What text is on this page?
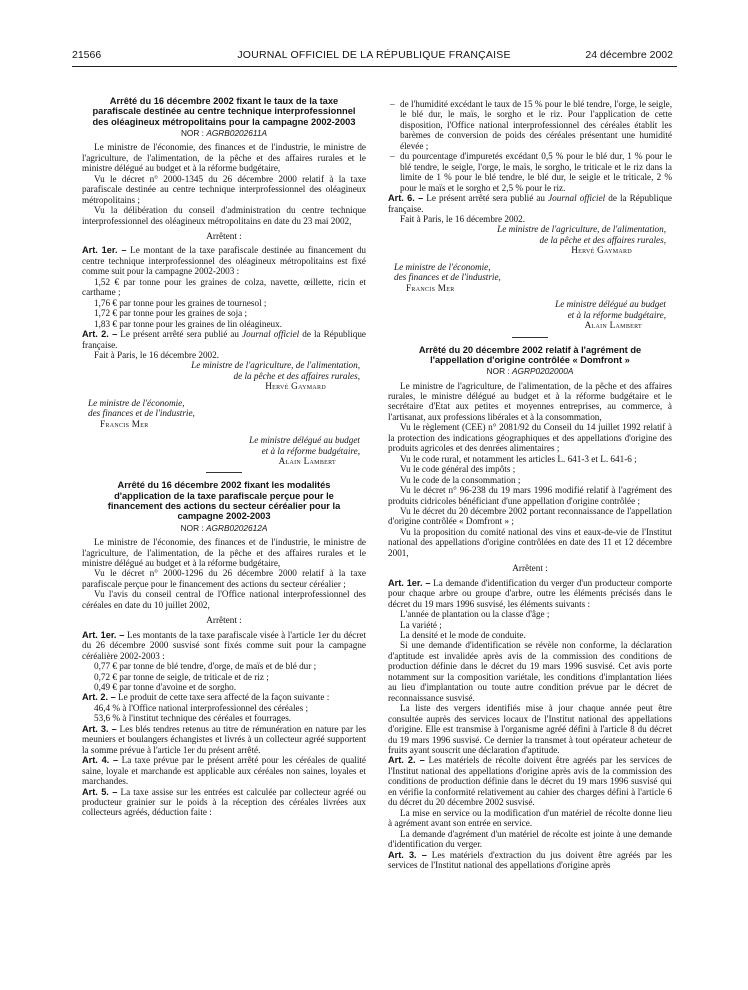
21566	JOURNAL OFFICIEL DE LA RÉPUBLIQUE FRANÇAISE	24 décembre 2002
Arrêté du 16 décembre 2002 fixant le taux de la taxe parafiscale destinée au centre technique interprofessionnel des oléagineux métropolitains pour la campagne 2002-2003
NOR : AGRB0202611A

Le ministre de l'économie, des finances et de l'industrie, le ministre de l'agriculture, de l'alimentation, de la pêche et des affaires rurales et le ministre délégué au budget et à la réforme budgétaire,

Vu le décret n° 2000-1345 du 26 décembre 2000 relatif à la taxe parafiscale destinée au centre technique interprofessionnel des oléagineux métropolitains ;

Vu la délibération du conseil d'administration du centre technique interprofessionnel des oléagineux métropolitains en date du 23 mai 2002,

Arrêtent :

Art. 1er. – Le montant de la taxe parafiscale destinée au financement du centre technique interprofessionnel des oléagineux métropolitains est fixé comme suit pour la campagne 2002-2003 :

1,52 € par tonne pour les graines de colza, navette, œillette, ricin et carthame ;

1,76 € par tonne pour les graines de tournesol ;

1,72 € par tonne pour les graines de soja ;

1,83 € par tonne pour les graines de lin oléagineux.

Art. 2. – Le présent arrêté sera publié au Journal officiel de la République française.

Fait à Paris, le 16 décembre 2002.

Le ministre de l'agriculture, de l'alimentation,
de la pêche et des affaires rurales,
Hervé Gaymard
Le ministre de l'économie,
des finances et de l'industrie,
Francis Mer
Le ministre délégué au budget
et à la réforme budgétaire,
Alain Lambert
Arrêté du 16 décembre 2002 fixant les modalités d'application de la taxe parafiscale perçue pour le financement des actions du secteur céréalier pour la campagne 2002-2003
NOR : AGRB0202612A

Le ministre de l'économie, des finances et de l'industrie, le ministre de l'agriculture, de l'alimentation, de la pêche et des affaires rurales et le ministre délégué au budget et à la réforme budgétaire,

Vu le décret n° 2000-1296 du 26 décembre 2000 relatif à la taxe parafiscale perçue pour le financement des actions du secteur céréalier ;

Vu l'avis du conseil central de l'Office national interprofessionnel des céréales en date du 10 juillet 2002,

Arrêtent :

Art. 1er. – Les montants de la taxe parafiscale visée à l'article 1er du décret du 26 décembre 2000 susvisé sont fixés comme suit pour la campagne céréalière 2002-2003 :

0,77 € par tonne de blé tendre, d'orge, de maïs et de blé dur ;

0,72 € par tonne de seigle, de triticale et de riz ;

0,49 € par tonne d'avoine et de sorgho.

Art. 2. – Le produit de cette taxe sera affecté de la façon suivante :

46,4 % à l'Office national interprofessionnel des céréales ;

53,6 % à l'institut technique des céréales et fourrages.

Art. 3. – Les blés tendres retenus au titre de rémunération en nature par les meuniers et boulangers échangistes et livrés à un collecteur agréé supportent la somme prévue à l'article 1er du présent arrêté.

Art. 4. – La taxe prévue par le présent arrêté pour les céréales de qualité saine, loyale et marchande est applicable aux céréales non saines, loyales et marchandes.

Art. 5. – La taxe assise sur les entrées est calculée par collecteur agréé ou producteur grainier sur le poids à la réception des céréales livrées aux collecteurs agréés, déduction faite :

– de l'humidité excédant le taux de 15 % pour le blé tendre, l'orge, le seigle, le blé dur, le maïs, le sorgho et le riz. Pour l'application de cette disposition, l'Office national interprofessionnel des céréales établit les barèmes de conversion de poids des céréales présentant une humidité élevée ;

– du pourcentage d'impuretés excédant 0,5 % pour le blé dur, 1 % pour le blé tendre, le seigle, l'orge, le maïs, le sorgho, le triticale et le riz dans la limite de 1 % pour le blé tendre, le blé dur, le seigle et le triticale, 2 % pour le maïs et le sorgho et 2,5 % pour le riz.

Art. 6. – Le présent arrêté sera publié au Journal officiel de la République française.

Fait à Paris, le 16 décembre 2002.

Le ministre de l'agriculture, de l'alimentation,
de la pêche et des affaires rurales,
Hervé Gaymard
Le ministre de l'économie,
des finances et de l'industrie,
Francis Mer
Le ministre délégué au budget
et à la réforme budgétaire,
Alain Lambert
Arrêté du 20 décembre 2002 relatif à l'agrément de l'appellation d'origine contrôlée « Domfront »
NOR : AGRP0202000A

Le ministre de l'agriculture, de l'alimentation, de la pêche et des affaires rurales, le ministre délégué au budget et à la réforme budgétaire et le secrétaire d'Etat aux petites et moyennes entreprises, au commerce, à l'artisanat, aux professions libérales et à la consommation,

Vu le règlement (CEE) n° 2081/92 du Conseil du 14 juillet 1992 relatif à la protection des indications géographiques et des appellations d'origine des produits agricoles et des denrées alimentaires ;

Vu le code rural, et notamment les articles L. 641-3 et L. 641-6 ;

Vu le code général des impôts ;

Vu le code de la consommation ;

Vu le décret n° 96-238 du 19 mars 1996 modifié relatif à l'agrément des produits cidricoles bénéficiant d'une appellation d'origine contrôlée ;

Vu le décret du 20 décembre 2002 portant reconnaissance de l'appellation d'origine contrôlée « Domfront » ;

Vu la proposition du comité national des vins et eaux-de-vie de l'Institut national des appellations d'origine contrôlées en date des 11 et 12 décembre 2001,

Arrêtent :

Art. 1er. – La demande d'identification du verger d'un producteur comporte pour chaque arbre ou groupe d'arbre, outre les éléments précisés dans le décret du 19 mars 1996 susvisé, les éléments suivants :

L'année de plantation ou la classe d'âge ;

La variété ;

La densité et le mode de conduite.

Si une demande d'identification se révèle non conforme, la déclaration d'aptitude est invalidée après avis de la commission des conditions de production définie dans le décret du 19 mars 1996 susvisé. Cet avis porte notamment sur la composition variétale, les conditions d'implantation liées au lieu d'implantation ou toute autre condition prévue par le décret de reconnaissance susvisé.

La liste des vergers identifiés mise à jour chaque année peut être consultée auprès des services locaux de l'Institut national des appellations d'origine. Elle est transmise à l'organisme agréé défini à l'article 8 du décret du 19 mars 1996 susvisé. Ce dernier la transmet à tout opérateur acheteur de fruits ayant souscrit une déclaration d'aptitude.

Art. 2. – Les matériels de récolte doivent être agréés par les services de l'Institut national des appellations d'origine après avis de la commission des conditions de production définie dans le décret du 19 mars 1996 susvisé qui en vérifie la conformité relativement au cahier des charges défini à l'article 6 du décret du 20 décembre 2002 susvisé.

La mise en service ou la modification d'un matériel de récolte donne lieu à agrément avant son entrée en service.

La demande d'agrément d'un matériel de récolte est jointe à une demande d'identification du verger.

Art. 3. – Les matériels d'extraction du jus doivent être agréés par les services de l'Institut national des appellations d'origine après
